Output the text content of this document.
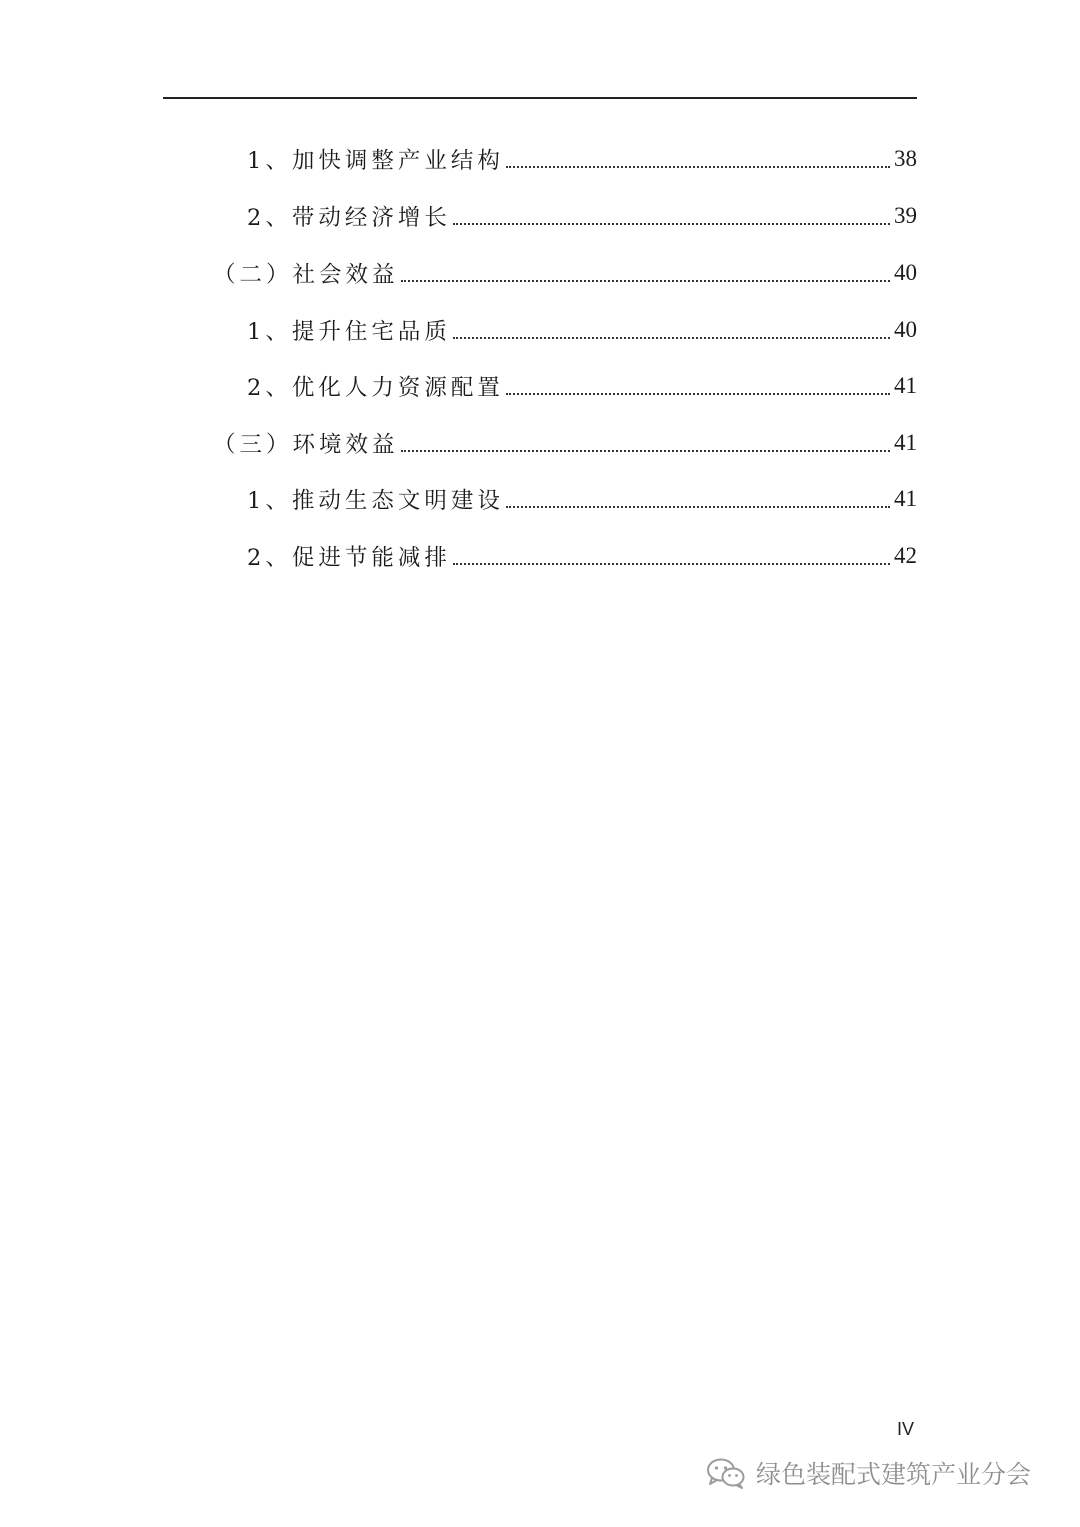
1、加快调整产业结构	38
2、带动经济增长	39
（二）社会效益	40
1、提升住宅品质	40
2、优化人力资源配置	41
（三）环境效益	41
1、推动生态文明建设	41
2、促进节能减排	42
IV
绿色装配式建筑产业分会
